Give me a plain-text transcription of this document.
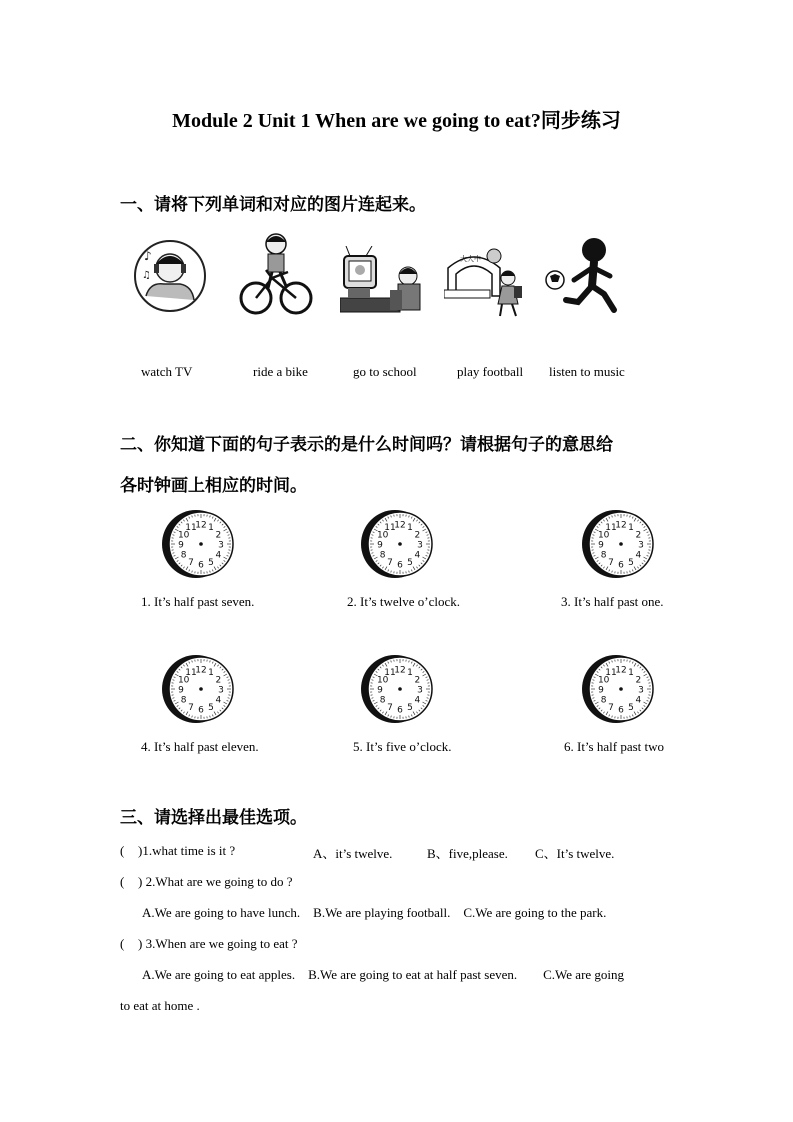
Module 2 Unit 1 When are we going to eat?同步练习
一、请将下列单词和对应的图片连起来。
♪
♫
大大中
watch TV	ride a bike	go to school	play football listen to music
二、你知道下面的句子表示的是什么时间吗？请根据句子的意思给
各时钟画上相应的时间。
12 1
2
3
4
5
6
7
8
9
10
11	12 1
2
3
4
5
6
7
8
9
10
11	12 1
2
3
4
5
6
7
8
9
10
11
12 1
2
3
4
5
6
7
8
9
10
11	12 1
2
3
4
5
6
7
8
9
10
11	12 1
2
3
4
5
6
7
8
9
10
11
1. It’s half past seven.	2. It’s twelve o’clock.	3. It’s half past one.
4. It’s half past eleven.	5. It’s five o’clock.	6. It’s half past two
三、请选择出最佳选项。
( )1.what time is it ?	A、it’s twelve.	B、five,please. C、It’s twelve.
( ) 2.What are we going to do ?
A.We are going to have lunch.    B.We are playing football.    C.We are going to the park.
( ) 3.When are we going to eat ?
A.We are going to eat apples.    B.We are going to eat at half past seven.        C.We are going
to eat at home .
